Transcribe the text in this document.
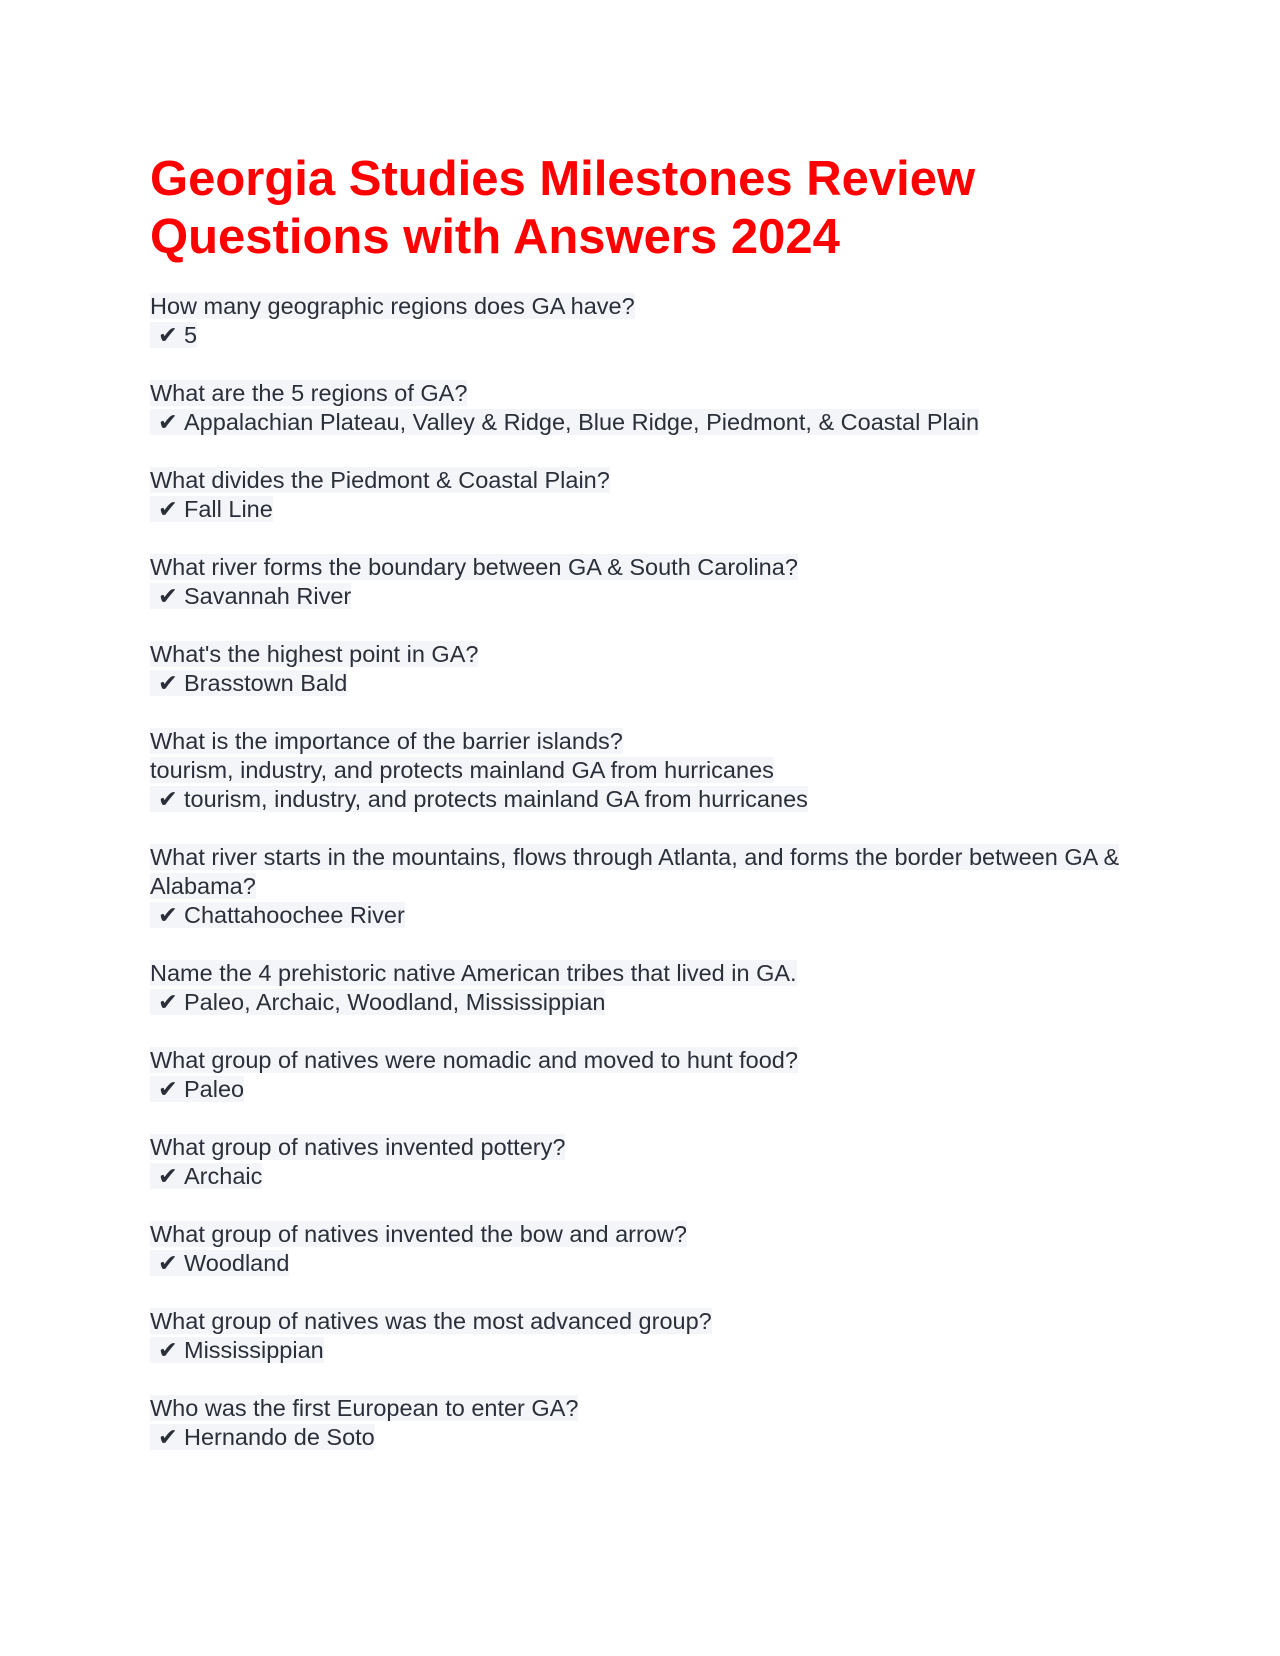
Georgia Studies Milestones Review Questions with Answers 2024
How many geographic regions does GA have?
✔ 5
What are the 5 regions of GA?
✔ Appalachian Plateau, Valley & Ridge, Blue Ridge, Piedmont, & Coastal Plain
What divides the Piedmont & Coastal Plain?
✔ Fall Line
What river forms the boundary between GA & South Carolina?
✔ Savannah River
What's the highest point in GA?
✔ Brasstown Bald
What is the importance of the barrier islands?
tourism, industry, and protects mainland GA from hurricanes
✔ tourism, industry, and protects mainland GA from hurricanes
What river starts in the mountains, flows through Atlanta, and forms the border between GA & Alabama?
✔ Chattahoochee River
Name the 4 prehistoric native American tribes that lived in GA.
✔ Paleo, Archaic, Woodland, Mississippian
What group of natives were nomadic and moved to hunt food?
✔ Paleo
What group of natives invented pottery?
✔ Archaic
What group of natives invented the bow and arrow?
✔ Woodland
What group of natives was the most advanced group?
✔ Mississippian
Who was the first European to enter GA?
✔ Hernando de Soto
